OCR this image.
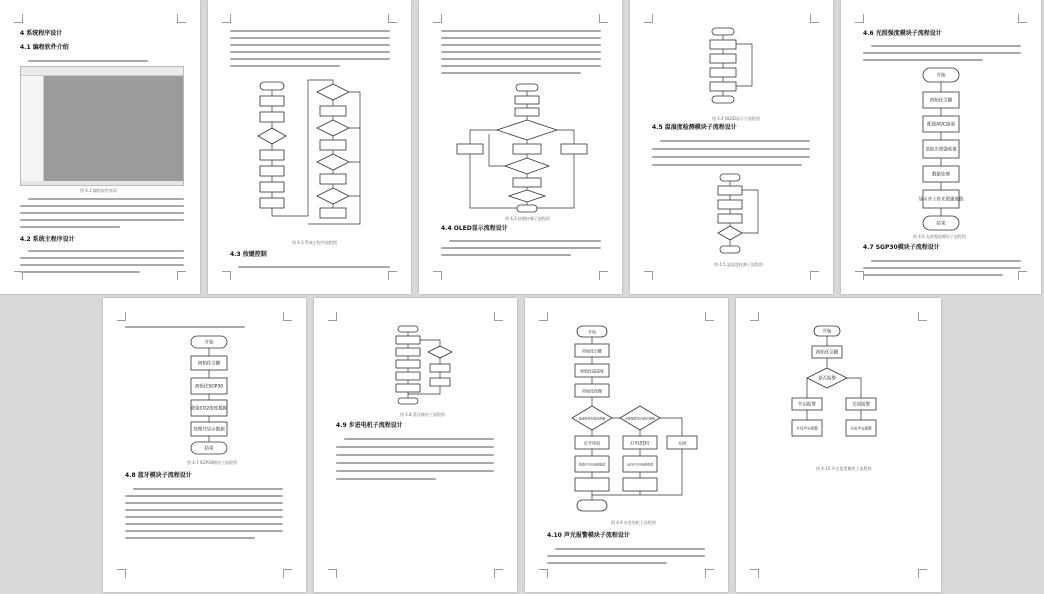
4 系统程序设计
4.1 编程软件介绍
图 4.1 编程软件界面
4.2 系统主程序设计	图 4.2 系统主程序流程图
4.3 按键控制
图 4.3 按键控制子流程图
4.4 OLED显示流程设计
图 4.4 OLED显示子流程图
4.5 温湿度检测模块子流程设计
图 4.5 温湿度检测子流程图
4.6 光照强度模块子流程设计
开始
初始化引脚
配置ADC通道
读取光照强度值
数据处理
显示并上传光照强度值
结束
图 4.6 光照强度模块子流程图
4.7 SGP30模块子流程设计
开始
初始化引脚
初始化SGP30
获取CO2浓度数据
处理并显示数据
结束
图 4.7 SGP30模块子流程图
4.8 蓝牙模块子流程设计
图 4.8 蓝牙模块子流程图
4.9 步进电机子流程设计
开始
初始化引脚
初始化温湿度
初始化按键
温湿度是否超出阈值	光照强度是否超出阈值
打开风扇	打开LED灯	关闭
风扇打开并检测温度	LED打开并检测亮度
图 4.9 步进电机子流程图
4.10 声光报警模块子流程设计
开始
初始化引脚
是否报警
开启报警	关闭报警
开启声光报警	关闭声光报警
图 4.10 声光报警模块子流程图
